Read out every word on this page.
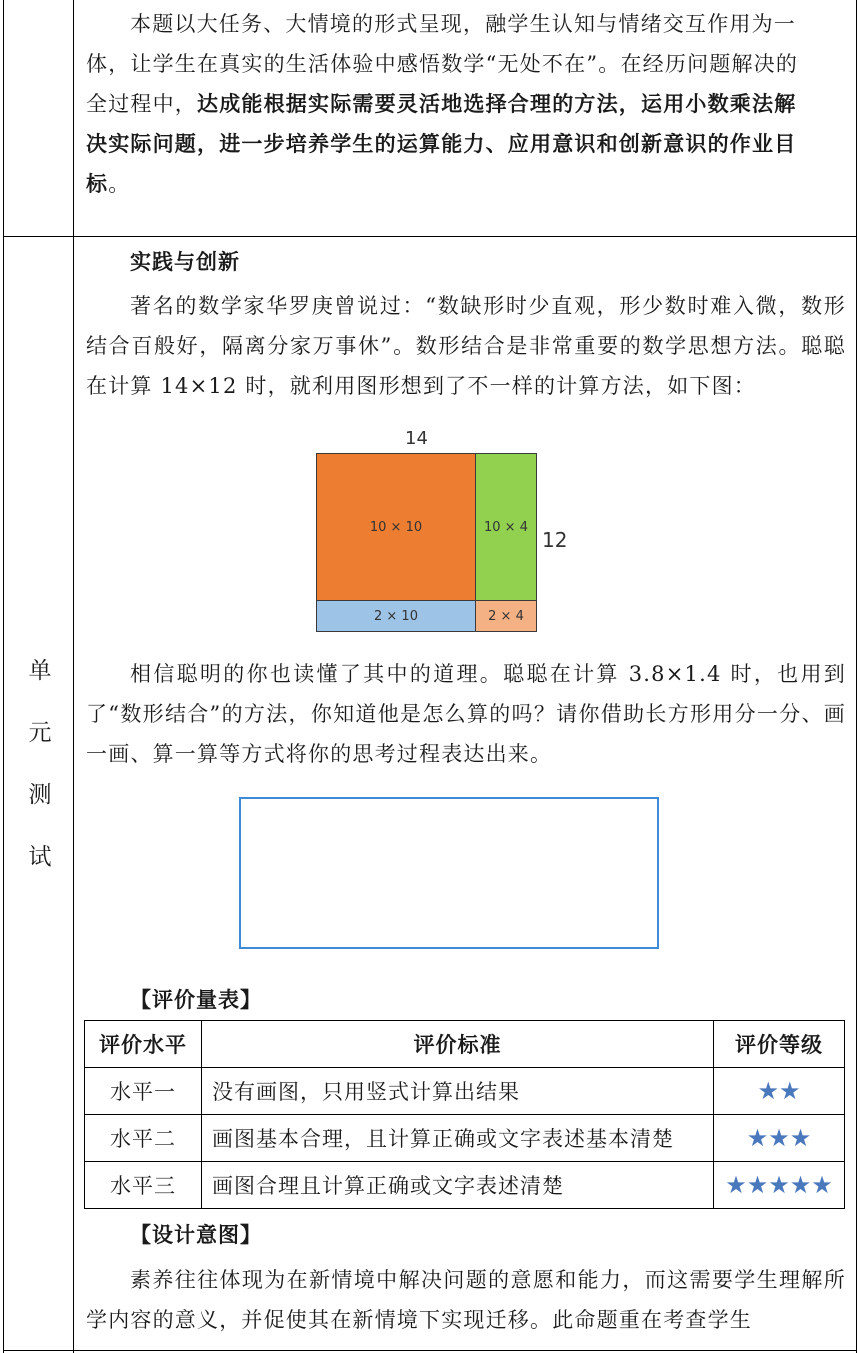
本题以大任务、大情境的形式呈现，融学生认知与情绪交互作用为一
体，让学生在真实的生活体验中感悟数学“无处不在”。在经历问题解决的
全过程中，达成能根据实际需要灵活地选择合理的方法，运用小数乘法解
决实际问题，进一步培养学生的运算能力、应用意识和创新意识的作业目
标。
单
元
测
试
实践与创新

著名的数学家华罗庚曾说过：“数缺形时少直观，形少数时难入微，数形结合百般好，隔离分家万事休”。数形结合是非常重要的数学思想方法。聪聪在计算 14×12 时，就利用图形想到了不一样的计算方法，如下图：

14
12
10 × 10	10 × 4
2 × 10	2 × 4

相信聪明的你也读懂了其中的道理。聪聪在计算 3.8×1.4 时，也用到了“数形结合”的方法，你知道他是怎么算的吗？请你借助长方形用分一分、画一画、算一算等方式将你的思考过程表达出来。

【评价量表】
评价水平	评价标准	评价等级
水平一	没有画图，只用竖式计算出结果	★★
水平二	画图基本合理，且计算正确或文字表述基本清楚	★★★
水平三	画图合理且计算正确或文字表述清楚	★★★★★
【设计意图】

素养往往体现为在新情境中解决问题的意愿和能力，而这需要学生理解所学内容的意义，并促使其在新情境下实现迁移。此命题重在考查学生
